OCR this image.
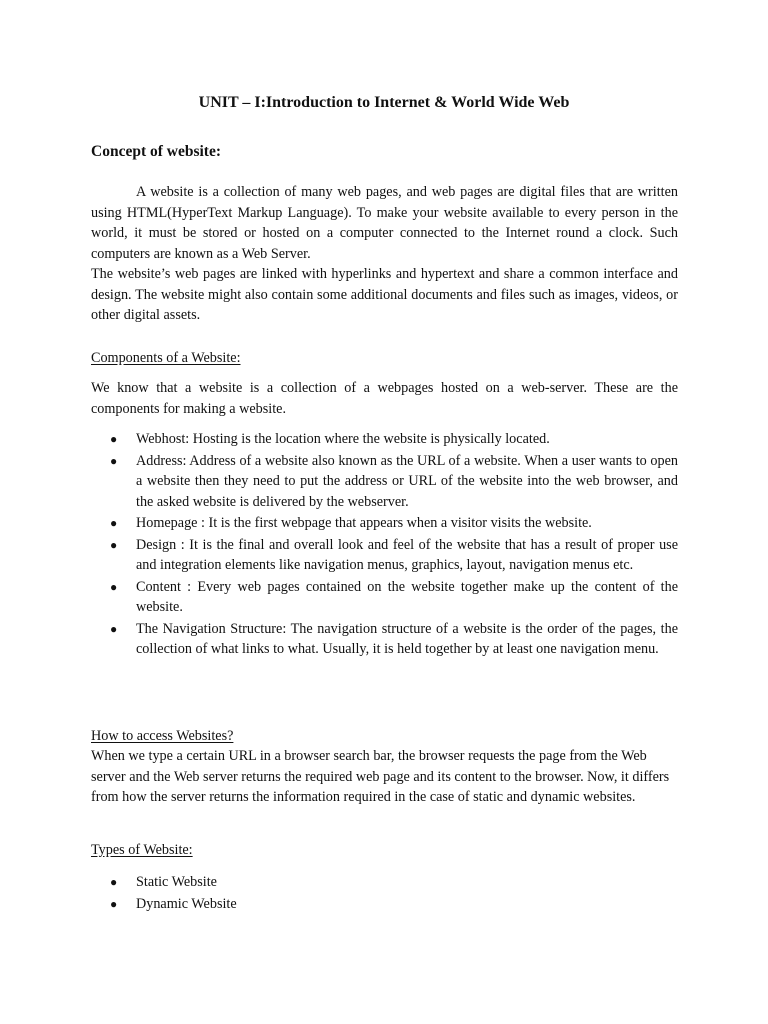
UNIT – I:Introduction to Internet & World Wide Web
Concept of website:

A website is a collection of many web pages, and web pages are digital files that are written using HTML(HyperText Markup Language). To make your website available to every person in the world, it must be stored or hosted on a computer connected to the Internet round a clock. Such computers are known as a Web Server.

The website’s web pages are linked with hyperlinks and hypertext and share a common interface and design. The website might also contain some additional documents and files such as images, videos, or other digital assets.

Components of a Website:
We know that a website is a collection of a webpages hosted on a web-server. These are the components for making a website.
● Webhost: Hosting is the location where the website is physically located.
● Address: Address of a website also known as the URL of a website. When a user wants to open a website then they need to put the address or URL of the website into the web browser, and the asked website is delivered by the webserver.
● Homepage : It is the first webpage that appears when a visitor visits the website.
● Design : It is the final and overall look and feel of the website that has a result of proper use and integration elements like navigation menus, graphics, layout, navigation menus etc.
● Content : Every web pages contained on the website together make up the content of the website.
● The Navigation Structure: The navigation structure of a website is the order of the pages, the collection of what links to what. Usually, it is held together by at least one navigation menu.
How to access Websites?
When we type a certain URL in a browser search bar, the browser requests the page from the Web server and the Web server returns the required web page and its content to the browser. Now, it differs from how the server returns the information required in the case of static and dynamic websites.
Types of Website:
● Static Website
● Dynamic Website
